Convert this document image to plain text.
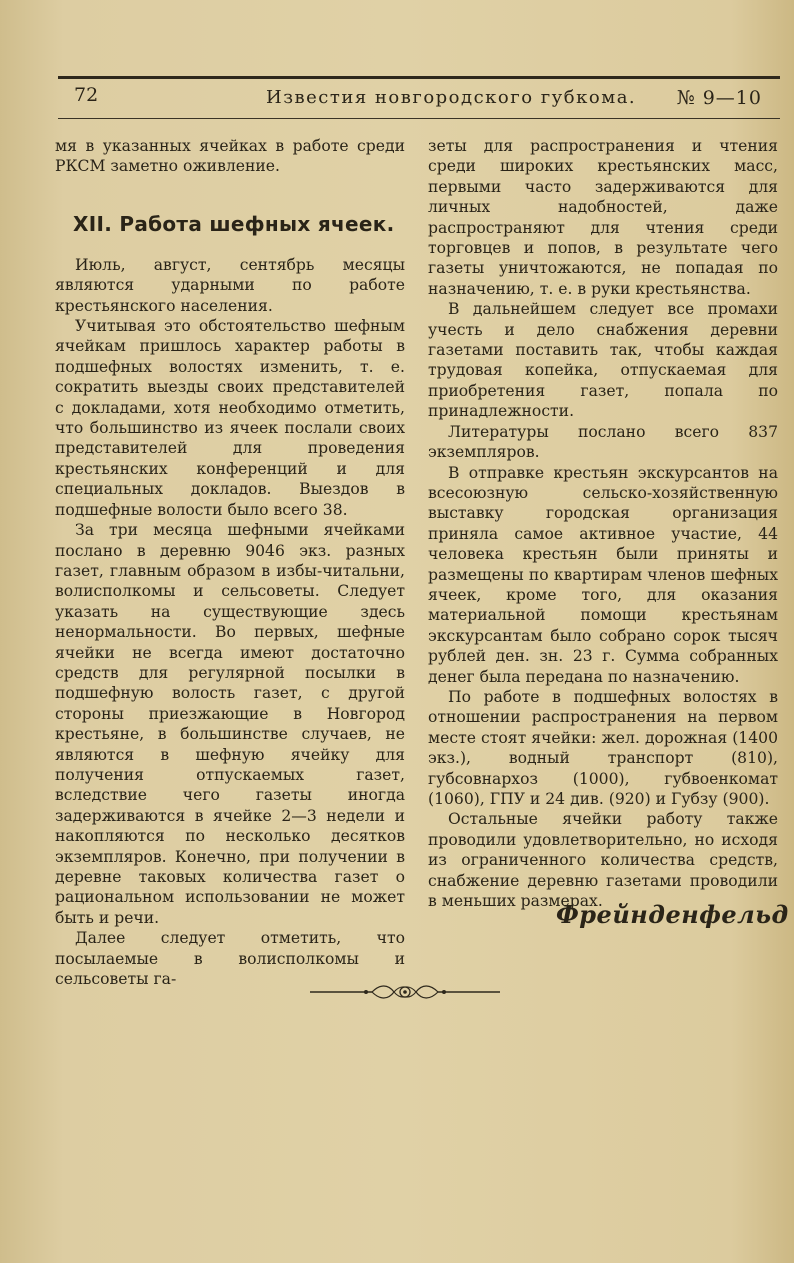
72	Известия новгородского губкома. № 9—10

мя в указанных ячейках в работе среди РКСМ заметно оживление.

XII. Работа шефных ячеек.

Июль, август, сентябрь месяцы являются ударными по работе крестьянского населения.

Учитывая это обстоятельство шефным ячейкам пришлось характер работы в подшефных волостях изменить, т. е. сократить выезды своих представителей с докладами, хотя необходимо отметить, что большинство из ячеек послали своих представителей для проведения крестьянских конференций и для специальных докладов. Выездов в подшефные волости было всего 38.

За три месяца шефными ячейками послано в деревню 9046 экз. разных газет, главным образом в избы-читальни, волисполкомы и сельсоветы. Следует указать на существующие здесь ненормальности. Во первых, шефные ячейки не всегда имеют достаточно средств для регулярной посылки в подшефную волость газет, с другой стороны приезжающие в Новгород крестьяне, в большинстве случаев, не являются в шефную ячейку для получения отпускаемых газет, вследствие чего газеты иногда задерживаются в ячейке 2—3 недели и накопляются по несколько десятков экземпляров. Конечно, при получении в деревне таковых количества газет о рациональном использовании не может быть и речи.

Далее следует отметить, что посылаемые в волисполкомы и сельсоветы га-

зеты для распространения и чтения среди широких крестьянских масс, первыми часто задерживаются для личных надобностей, даже распространяют для чтения среди торговцев и попов, в результате чего газеты уничтожаются, не попадая по назначению, т. е. в руки крестьянства.

В дальнейшем следует все промахи учесть и дело снабжения деревни газетами поставить так, чтобы каждая трудовая копейка, отпускаемая для приобретения газет, попала по принадлежности.

Литературы послано всего 837 экземпляров.

В отправке крестьян экскурсантов на всесоюзную сельско-хозяйственную выставку городская организация приняла самое активное участие, 44 человека крестьян были приняты и размещены по квартирам членов шефных ячеек, кроме того, для оказания материальной помощи крестьянам экскурсантам было собрано сорок тысяч рублей ден. зн. 23 г. Сумма собранных денег была передана по назначению.

По работе в подшефных волостях в отношении распространения на первом месте стоят ячейки: жел. дорожная (1400 экз.), водный транспорт (810), губсовнархоз (1000), губвоенкомат (1060), ГПУ и 24 див. (920) и Губзу (900).

Остальные ячейки работу также проводили удовлетворительно, но исходя из ограниченного количества средств, снабжение деревню газетами проводили в меньших размерах.

Фрейнденфельд
